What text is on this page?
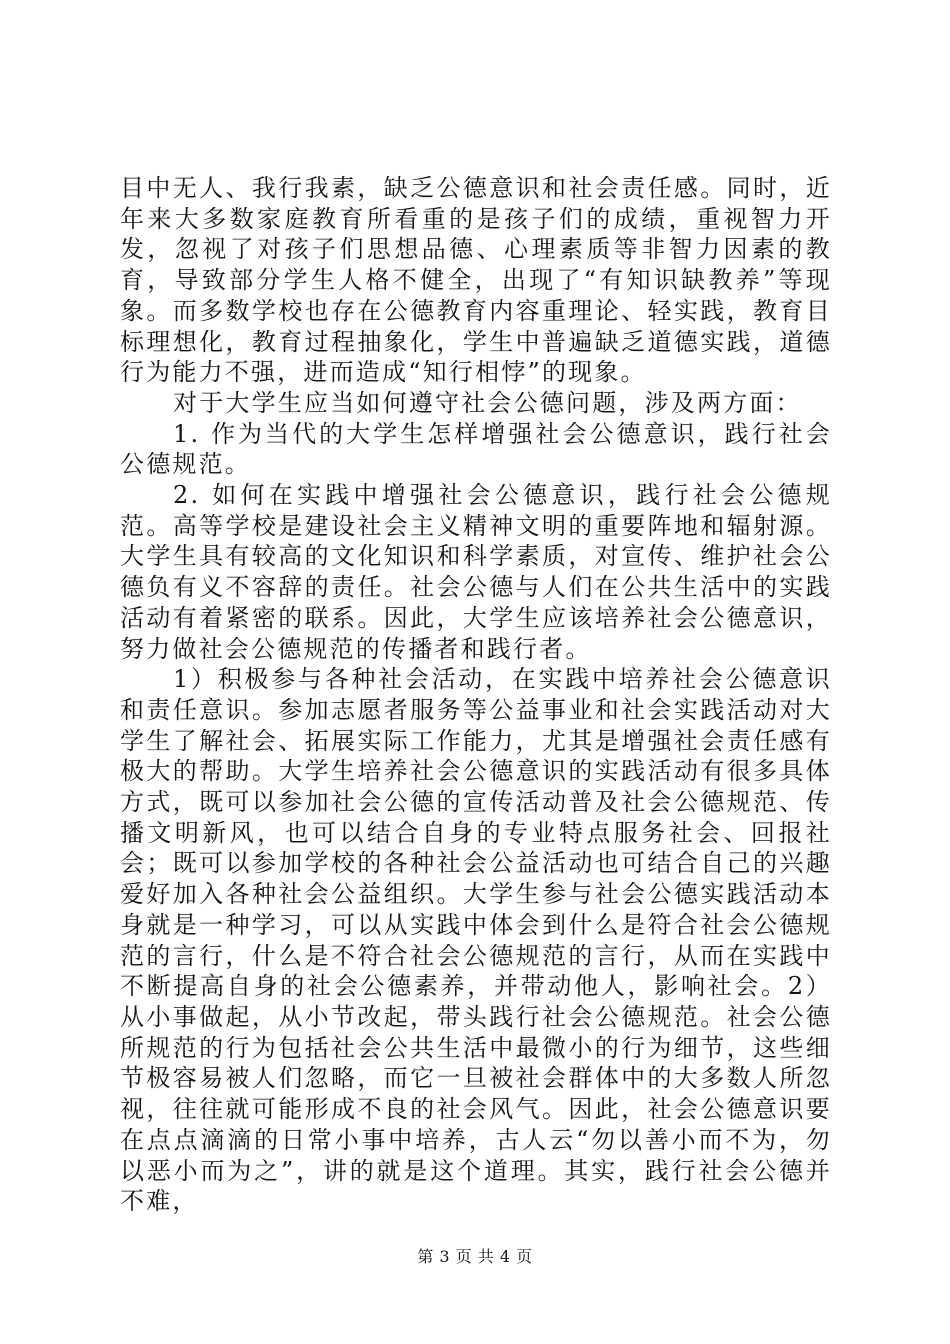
目中无人、我行我素，缺乏公德意识和社会责任感。同时，近年来大多数家庭教育所看重的是孩子们的成绩，重视智力开发，忽视了对孩子们思想品德、心理素质等非智力因素的教育，导致部分学生人格不健全，出现了“有知识缺教养”等现象。而多数学校也存在公德教育内容重理论、轻实践，教育目标理想化，教育过程抽象化，学生中普遍缺乏道德实践，道德行为能力不强，进而造成“知行相悖”的现象。

对于大学生应当如何遵守社会公德问题，涉及两方面：

1. 作为当代的大学生怎样增强社会公德意识，践行社会公德规范。

2. 如何在实践中增强社会公德意识，践行社会公德规范。高等学校是建设社会主义精神文明的重要阵地和辐射源。大学生具有较高的文化知识和科学素质，对宣传、维护社会公德负有义不容辞的责任。社会公德与人们在公共生活中的实践活动有着紧密的联系。因此，大学生应该培养社会公德意识，努力做社会公德规范的传播者和践行者。

1）积极参与各种社会活动，在实践中培养社会公德意识和责任意识。参加志愿者服务等公益事业和社会实践活动对大学生了解社会、拓展实际工作能力，尤其是增强社会责任感有极大的帮助。大学生培养社会公德意识的实践活动有很多具体方式，既可以参加社会公德的宣传活动普及社会公德规范、传播文明新风，也可以结合自身的专业特点服务社会、回报社会；既可以参加学校的各种社会公益活动也可结合自己的兴趣爱好加入各种社会公益组织。大学生参与社会公德实践活动本身就是一种学习，可以从实践中体会到什么是符合社会公德规范的言行，什么是不符合社会公德规范的言行，从而在实践中不断提高自身的社会公德素养，并带动他人，影响社会。2）从小事做起，从小节改起，带头践行社会公德规范。社会公德所规范的行为包括社会公共生活中最微小的行为细节，这些细节极容易被人们忽略，而它一旦被社会群体中的大多数人所忽视，往往就可能形成不良的社会风气。因此，社会公德意识要在点点滴滴的日常小事中培养，古人云“勿以善小而不为，勿以恶小而为之”，讲的就是这个道理。其实，践行社会公德并不难，

第 3 页 共 4 页
